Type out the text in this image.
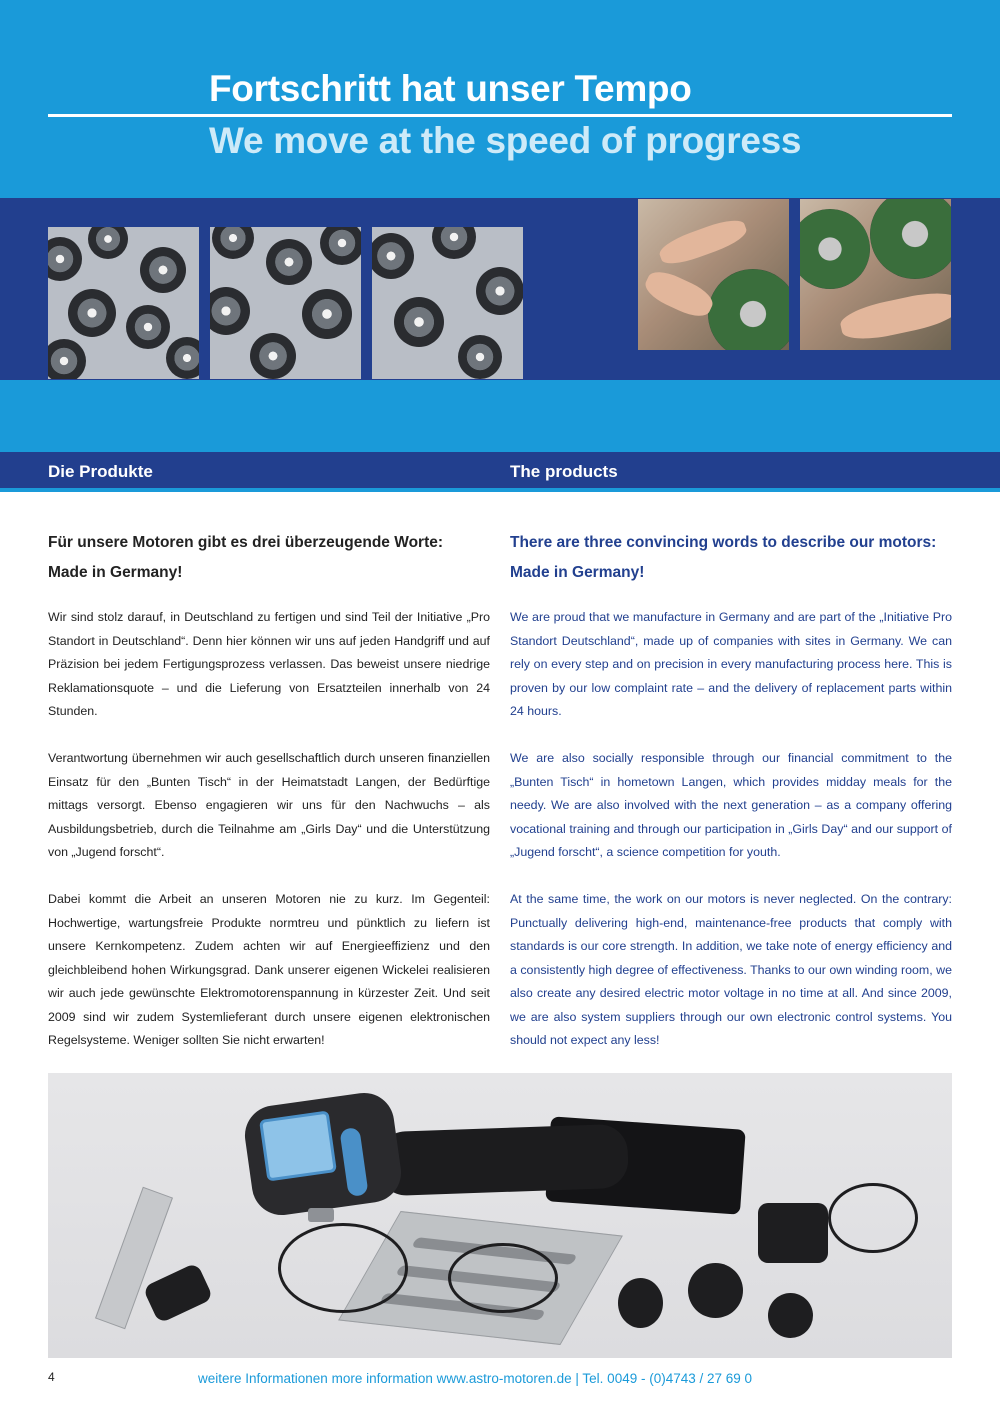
Fortschritt hat unser Tempo
We move at the speed of progress
Die Produkte	The products
Für unsere Motoren gibt es drei überzeugende Worte:
Made in Germany!

Wir sind stolz darauf, in Deutschland zu fertigen und sind Teil der Initiative „Pro Standort in Deutschland“. Denn hier können wir uns auf jeden Handgriff und auf Präzision bei jedem Fertigungsprozess verlassen. Das beweist unsere niedrige Reklamationsquote – und die Lieferung von Ersatzteilen innerhalb von 24 Stunden.

Verantwortung übernehmen wir auch gesellschaftlich durch unseren finanziellen Einsatz für den „Bunten Tisch“ in der Heimatstadt Langen, der Bedürftige mittags versorgt. Ebenso engagieren wir uns für den Nachwuchs – als Ausbildungsbetrieb, durch die Teilnahme am „Girls Day“ und die Unterstützung von „Jugend forscht“.

Dabei kommt die Arbeit an unseren Motoren nie zu kurz. Im Gegenteil: Hochwertige, wartungsfreie Produkte normtreu und pünktlich zu liefern ist unsere Kernkompetenz. Zudem achten wir auf Energieeffizienz und den gleichbleibend hohen Wirkungsgrad. Dank unserer eigenen Wickelei realisieren wir auch jede gewünschte Elektromotorenspannung in kürzester Zeit. Und seit 2009 sind wir zudem Systemlieferant durch unsere eigenen elektronischen Regelsysteme. Weniger sollten Sie nicht erwarten!

There are three convincing words to describe our motors:
Made in Germany!

We are proud that we manufacture in Germany and are part of the „Initiative Pro Standort Deutschland“, made up of companies with sites in Germany. We can rely on every step and on precision in every manufacturing process here. This is proven by our low complaint rate – and the delivery of replacement parts within 24 hours.

We are also socially responsible through our financial commitment to the „Bunten Tisch“ in hometown Langen, which provides midday meals for the needy. We are also involved with the next generation – as a company offering vocational training and through our participation in „Girls Day“ and our support of „Jugend forscht“, a science competition for youth.

At the same time, the work on our motors is never neglected. On the contrary: Punctually delivering high-end, maintenance-free products that comply with standards is our core strength. In addition, we take note of energy efficiency and a consistently high degree of effectiveness. Thanks to our own winding room, we also create any desired electric motor voltage in no time at all. And since 2009, we are also system suppliers through our own electronic control systems. You should not expect any less!

4	weitere Informationen more information www.astro-motoren.de | Tel. 0049 - (0)4743 / 27 69 0
